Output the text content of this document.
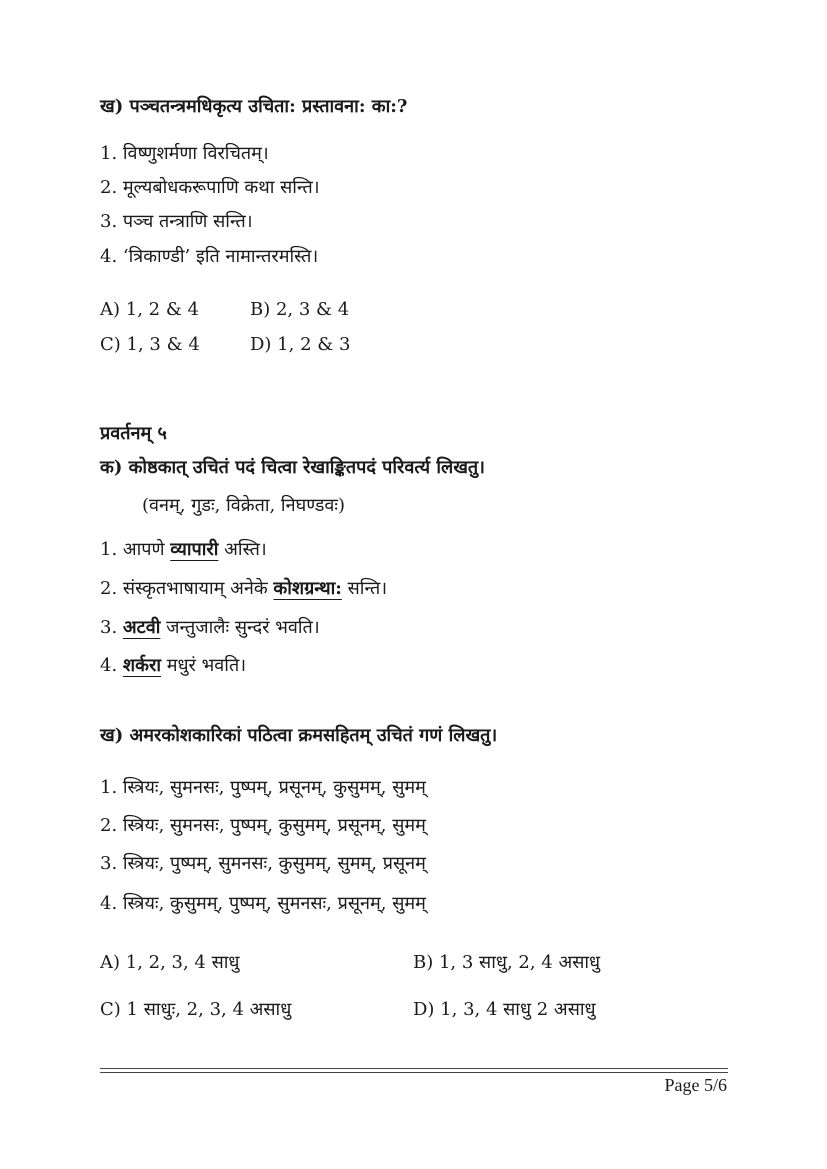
ख) पञ्चतन्त्रमधिकृत्य उचिता: प्रस्तावना: का:?
1. विष्णुशर्मणा विरचितम्।
2. मूल्यबोधकरूपाणि कथा सन्ति।
3. पञ्च तन्त्राणि सन्ति।
4. ‘त्रिकाण्डी’ इति नामान्तरमस्ति।
A) 1, 2 & 4	B) 2, 3 & 4
C) 1, 3 & 4	D) 1, 2 & 3
प्रवर्तनम् ५
क) कोष्ठकात् उचितं पदं चित्वा रेखाङ्कितपदं परिवर्त्य लिखतु।
(वनम्, गुडः, विक्रेता, निघण्डवः)
1. आपणे व्यापारी अस्ति।
2. संस्कृतभाषायाम् अनेके कोशग्रन्था: सन्ति।
3. अटवी जन्तुजालैः सुन्दरं भवति।
4. शर्करा मधुरं भवति।
ख) अमरकोशकारिकां पठित्वा क्रमसहितम् उचितं गणं लिखतु।
1. स्त्रियः, सुमनसः, पुष्पम्, प्रसूनम्, कुसुमम्, सुमम्
2. स्त्रियः, सुमनसः, पुष्पम्, कुसुमम्, प्रसूनम्, सुमम्
3. स्त्रियः, पुष्पम्, सुमनसः, कुसुमम्, सुमम्, प्रसूनम्
4. स्त्रियः, कुसुमम्, पुष्पम्, सुमनसः, प्रसूनम्, सुमम्
A) 1, 2, 3, 4 साधु	B) 1, 3 साधु, 2, 4 असाधु
C) 1 साधुः, 2, 3, 4 असाधु	D) 1, 3, 4 साधु 2 असाधु
Page 5/6
